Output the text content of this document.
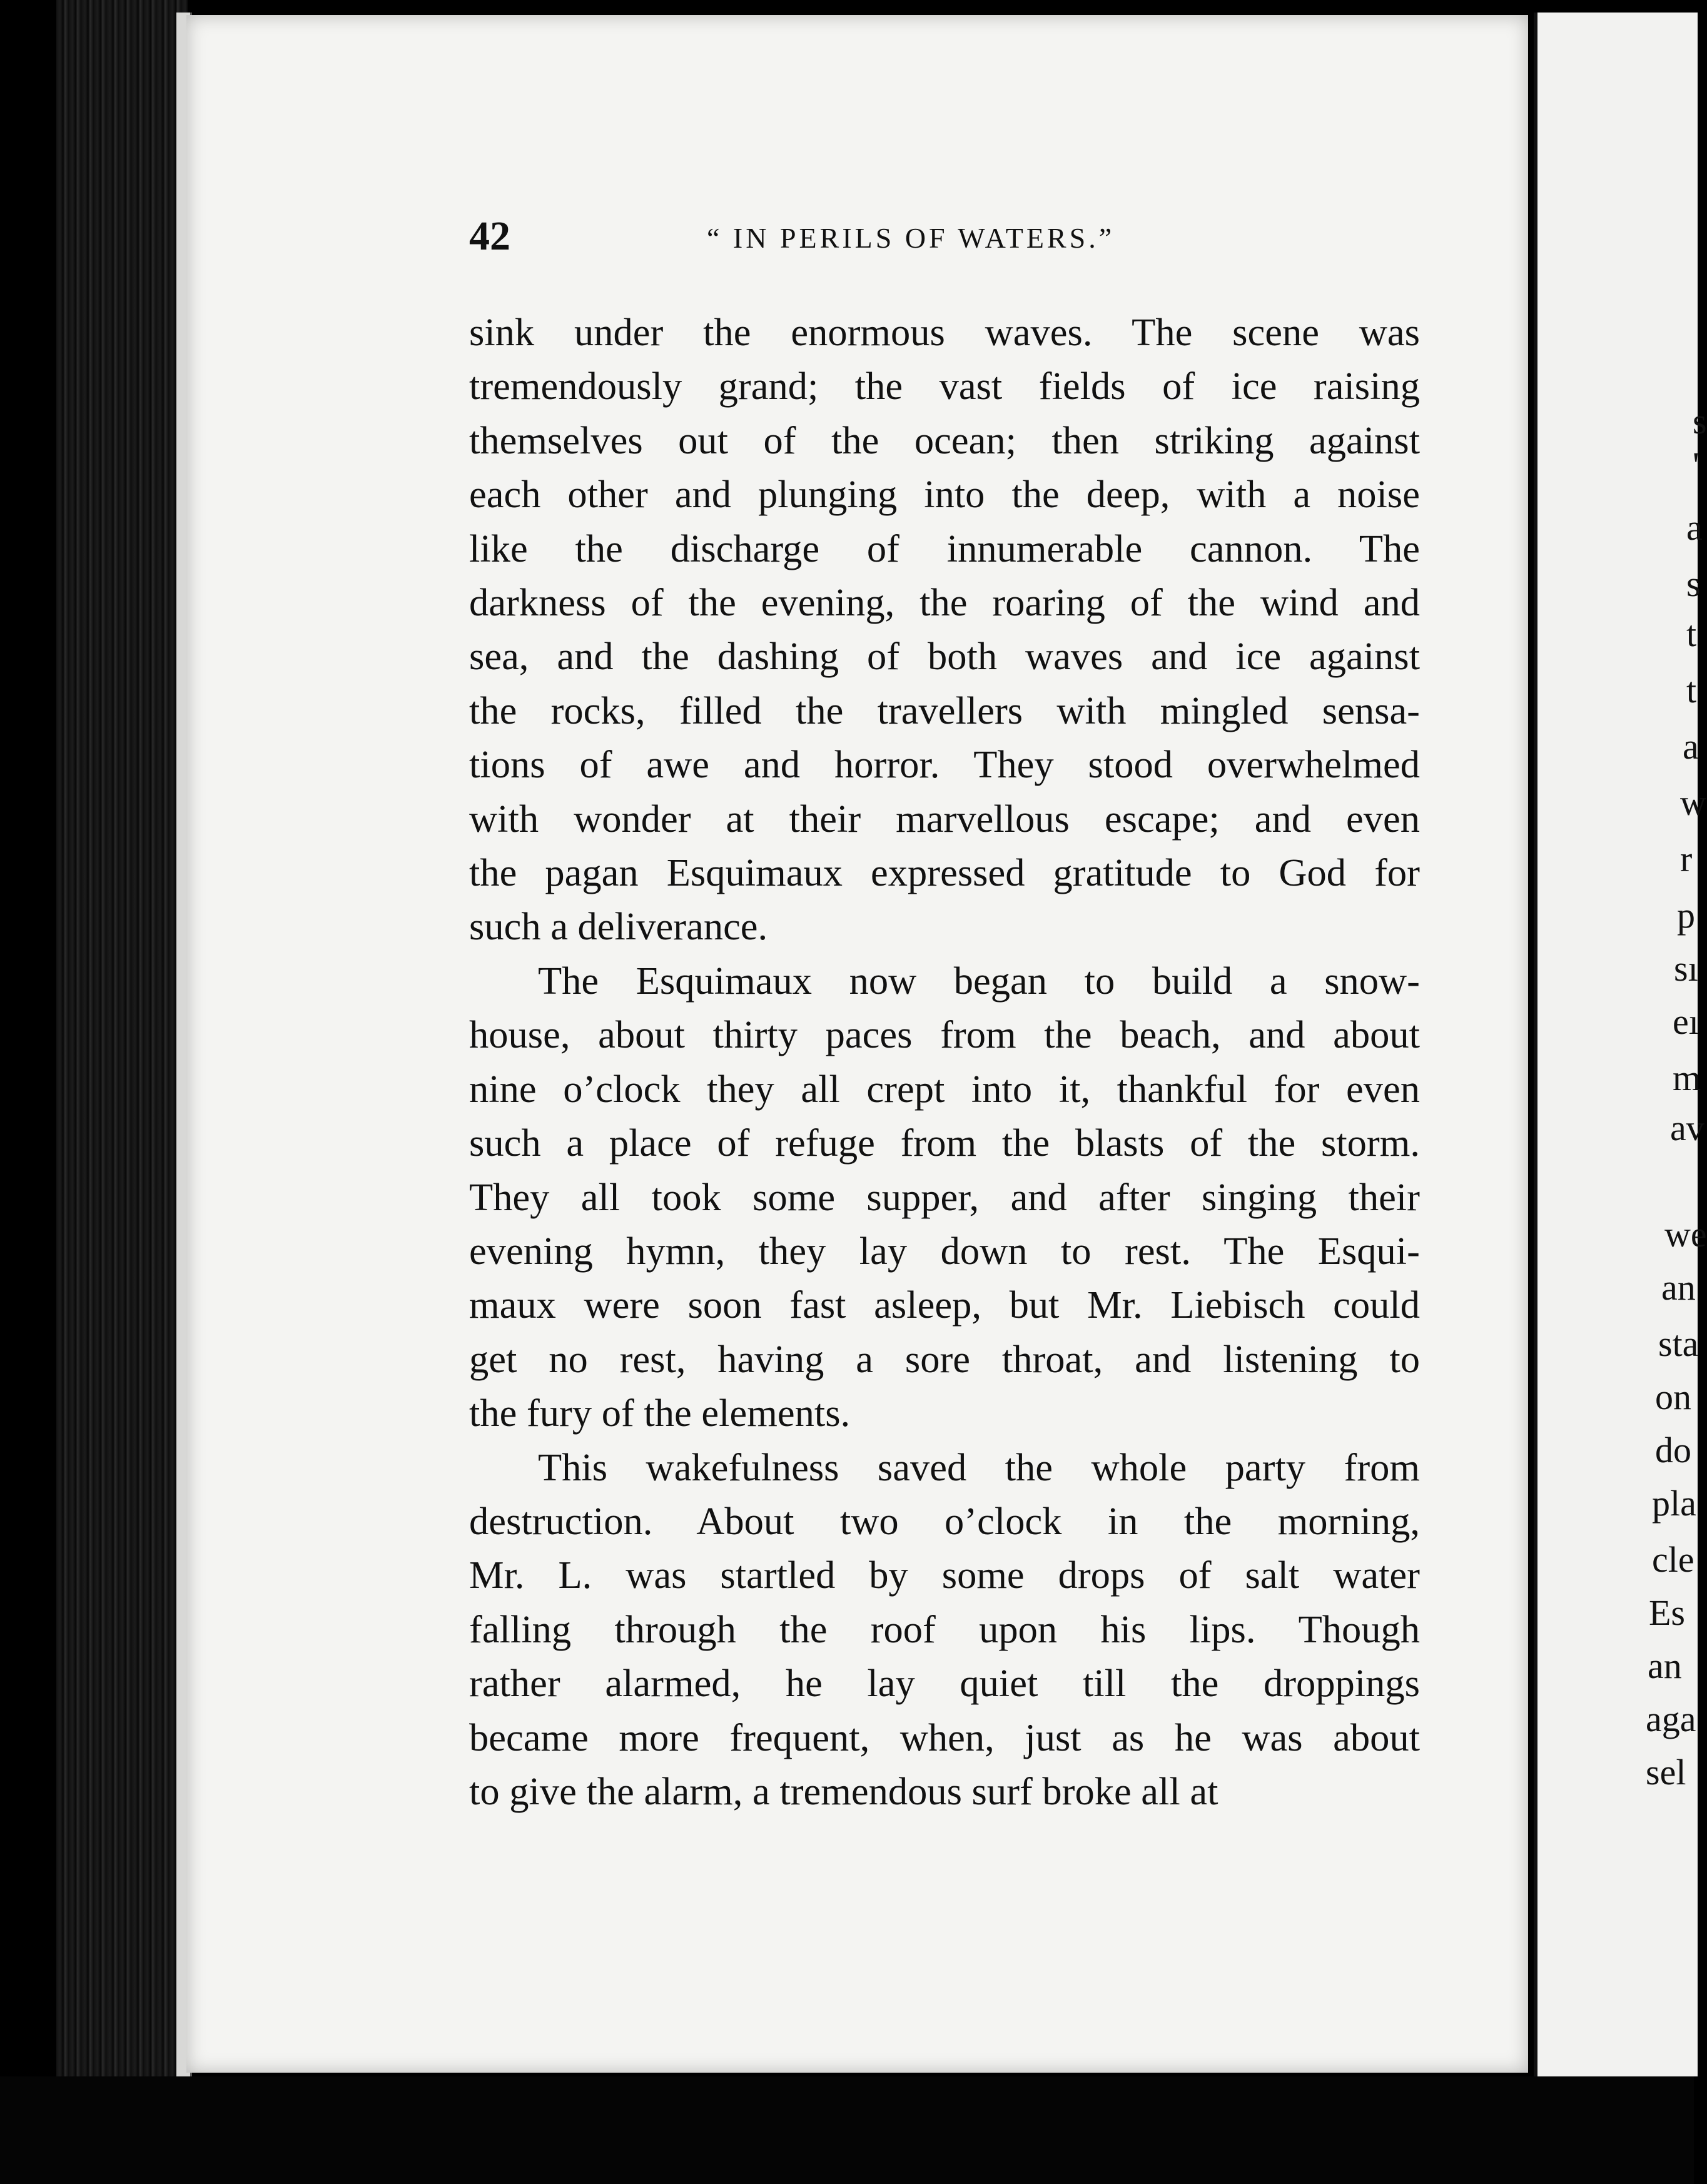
s
'
a
s
t
t
a
w
r
p
sı
eı
m
av
we
an
sta
on
do
pla
cle
Es
an
aga
sel
42	“ IN PERILS OF WATERS.”

sink under the enormous waves. The scene was
tremendously grand; the vast fields of ice raising
themselves out of the ocean; then striking against
each other and plunging into the deep, with a noise
like the discharge of innumerable cannon. The
darkness of the evening, the roaring of the wind and
sea, and the dashing of both waves and ice against
the rocks, filled the travellers with mingled sensa-
tions of awe and horror. They stood overwhelmed
with wonder at their marvellous escape; and even
the pagan Esquimaux expressed gratitude to God for
such a deliverance.

The Esquimaux now began to build a snow-
house, about thirty paces from the beach, and about
nine o’clock they all crept into it, thankful for even
such a place of refuge from the blasts of the storm.
They all took some supper, and after singing their
evening hymn, they lay down to rest. The Esqui-
maux were soon fast asleep, but Mr. Liebisch could
get no rest, having a sore throat, and listening to
the fury of the elements.

This wakefulness saved the whole party from
destruction. About two o’clock in the morning,
Mr. L. was startled by some drops of salt water
falling through the roof upon his lips. Though
rather alarmed, he lay quiet till the droppings
became more frequent, when, just as he was about
to give the alarm, a tremendous surf broke all at
